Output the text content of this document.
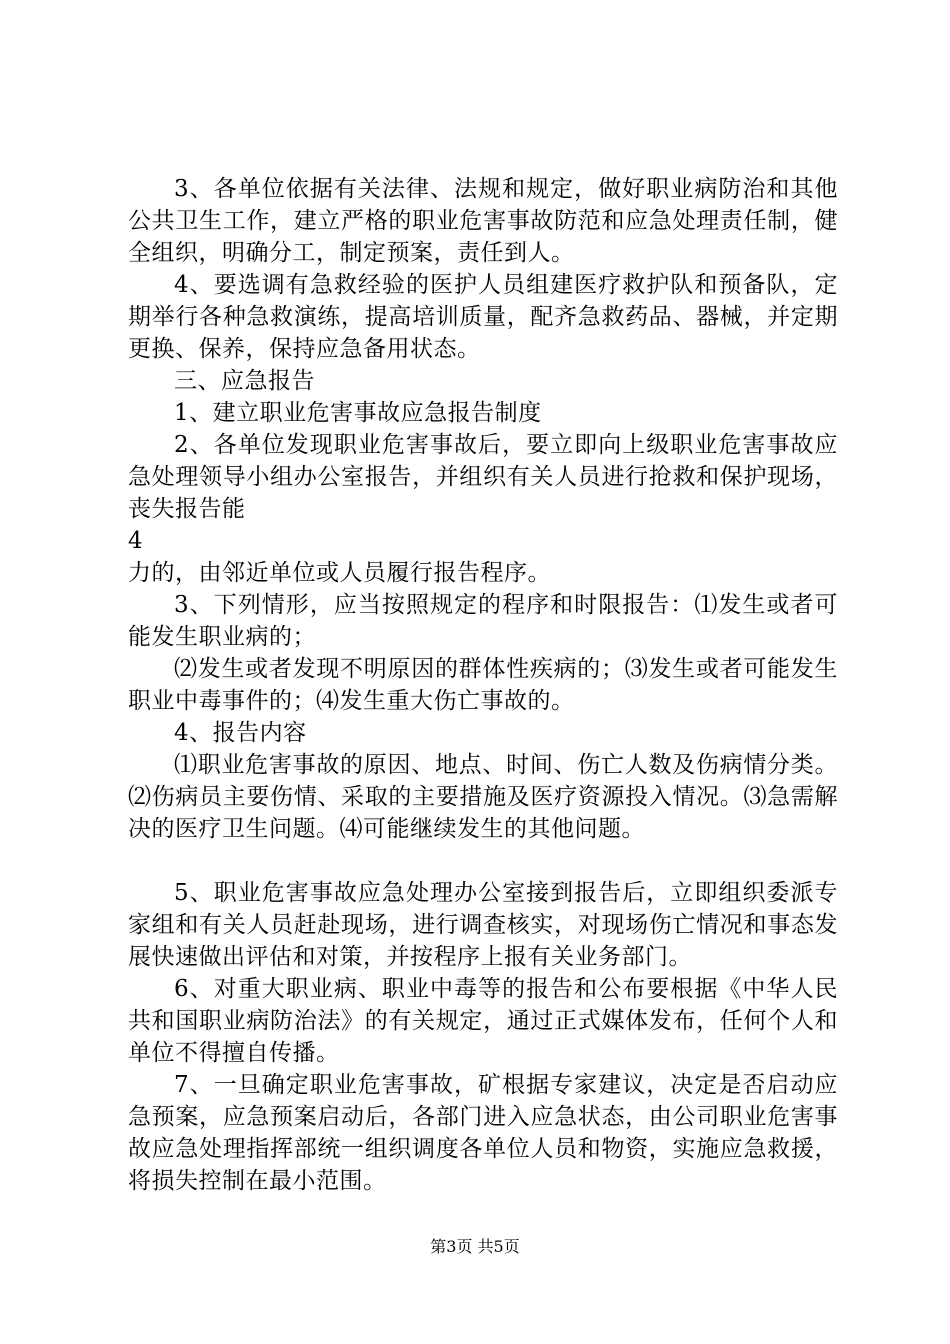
3、各单位依据有关法律、法规和规定，做好职业病防治和其他公共卫生工作，建立严格的职业危害事故防范和应急处理责任制，健全组织，明确分工，制定预案，责任到人。

4、要选调有急救经验的医护人员组建医疗救护队和预备队，定期举行各种急救演练，提高培训质量，配齐急救药品、器械，并定期更换、保养，保持应急备用状态。

三、应急报告

1、建立职业危害事故应急报告制度

2、各单位发现职业危害事故后，要立即向上级职业危害事故应急处理领导小组办公室报告，并组织有关人员进行抢救和保护现场，丧失报告能

4

力的，由邻近单位或人员履行报告程序。

3、下列情形，应当按照规定的程序和时限报告：⑴发生或者可能发生职业病的；

⑵发生或者发现不明原因的群体性疾病的；⑶发生或者可能发生职业中毒事件的；⑷发生重大伤亡事故的。

4、报告内容

⑴职业危害事故的原因、地点、时间、伤亡人数及伤病情分类。⑵伤病员主要伤情、采取的主要措施及医疗资源投入情况。⑶急需解决的医疗卫生问题。⑷可能继续发生的其他问题。

5、职业危害事故应急处理办公室接到报告后，立即组织委派专家组和有关人员赶赴现场，进行调查核实，对现场伤亡情况和事态发展快速做出评估和对策，并按程序上报有关业务部门。

6、对重大职业病、职业中毒等的报告和公布要根据《中华人民共和国职业病防治法》的有关规定，通过正式媒体发布，任何个人和单位不得擅自传播。

7、一旦确定职业危害事故，矿根据专家建议，决定是否启动应急预案，应急预案启动后，各部门进入应急状态，由公司职业危害事故应急处理指挥部统一组织调度各单位人员和物资，实施应急救援，将损失控制在最小范围。

第3页 共5页
